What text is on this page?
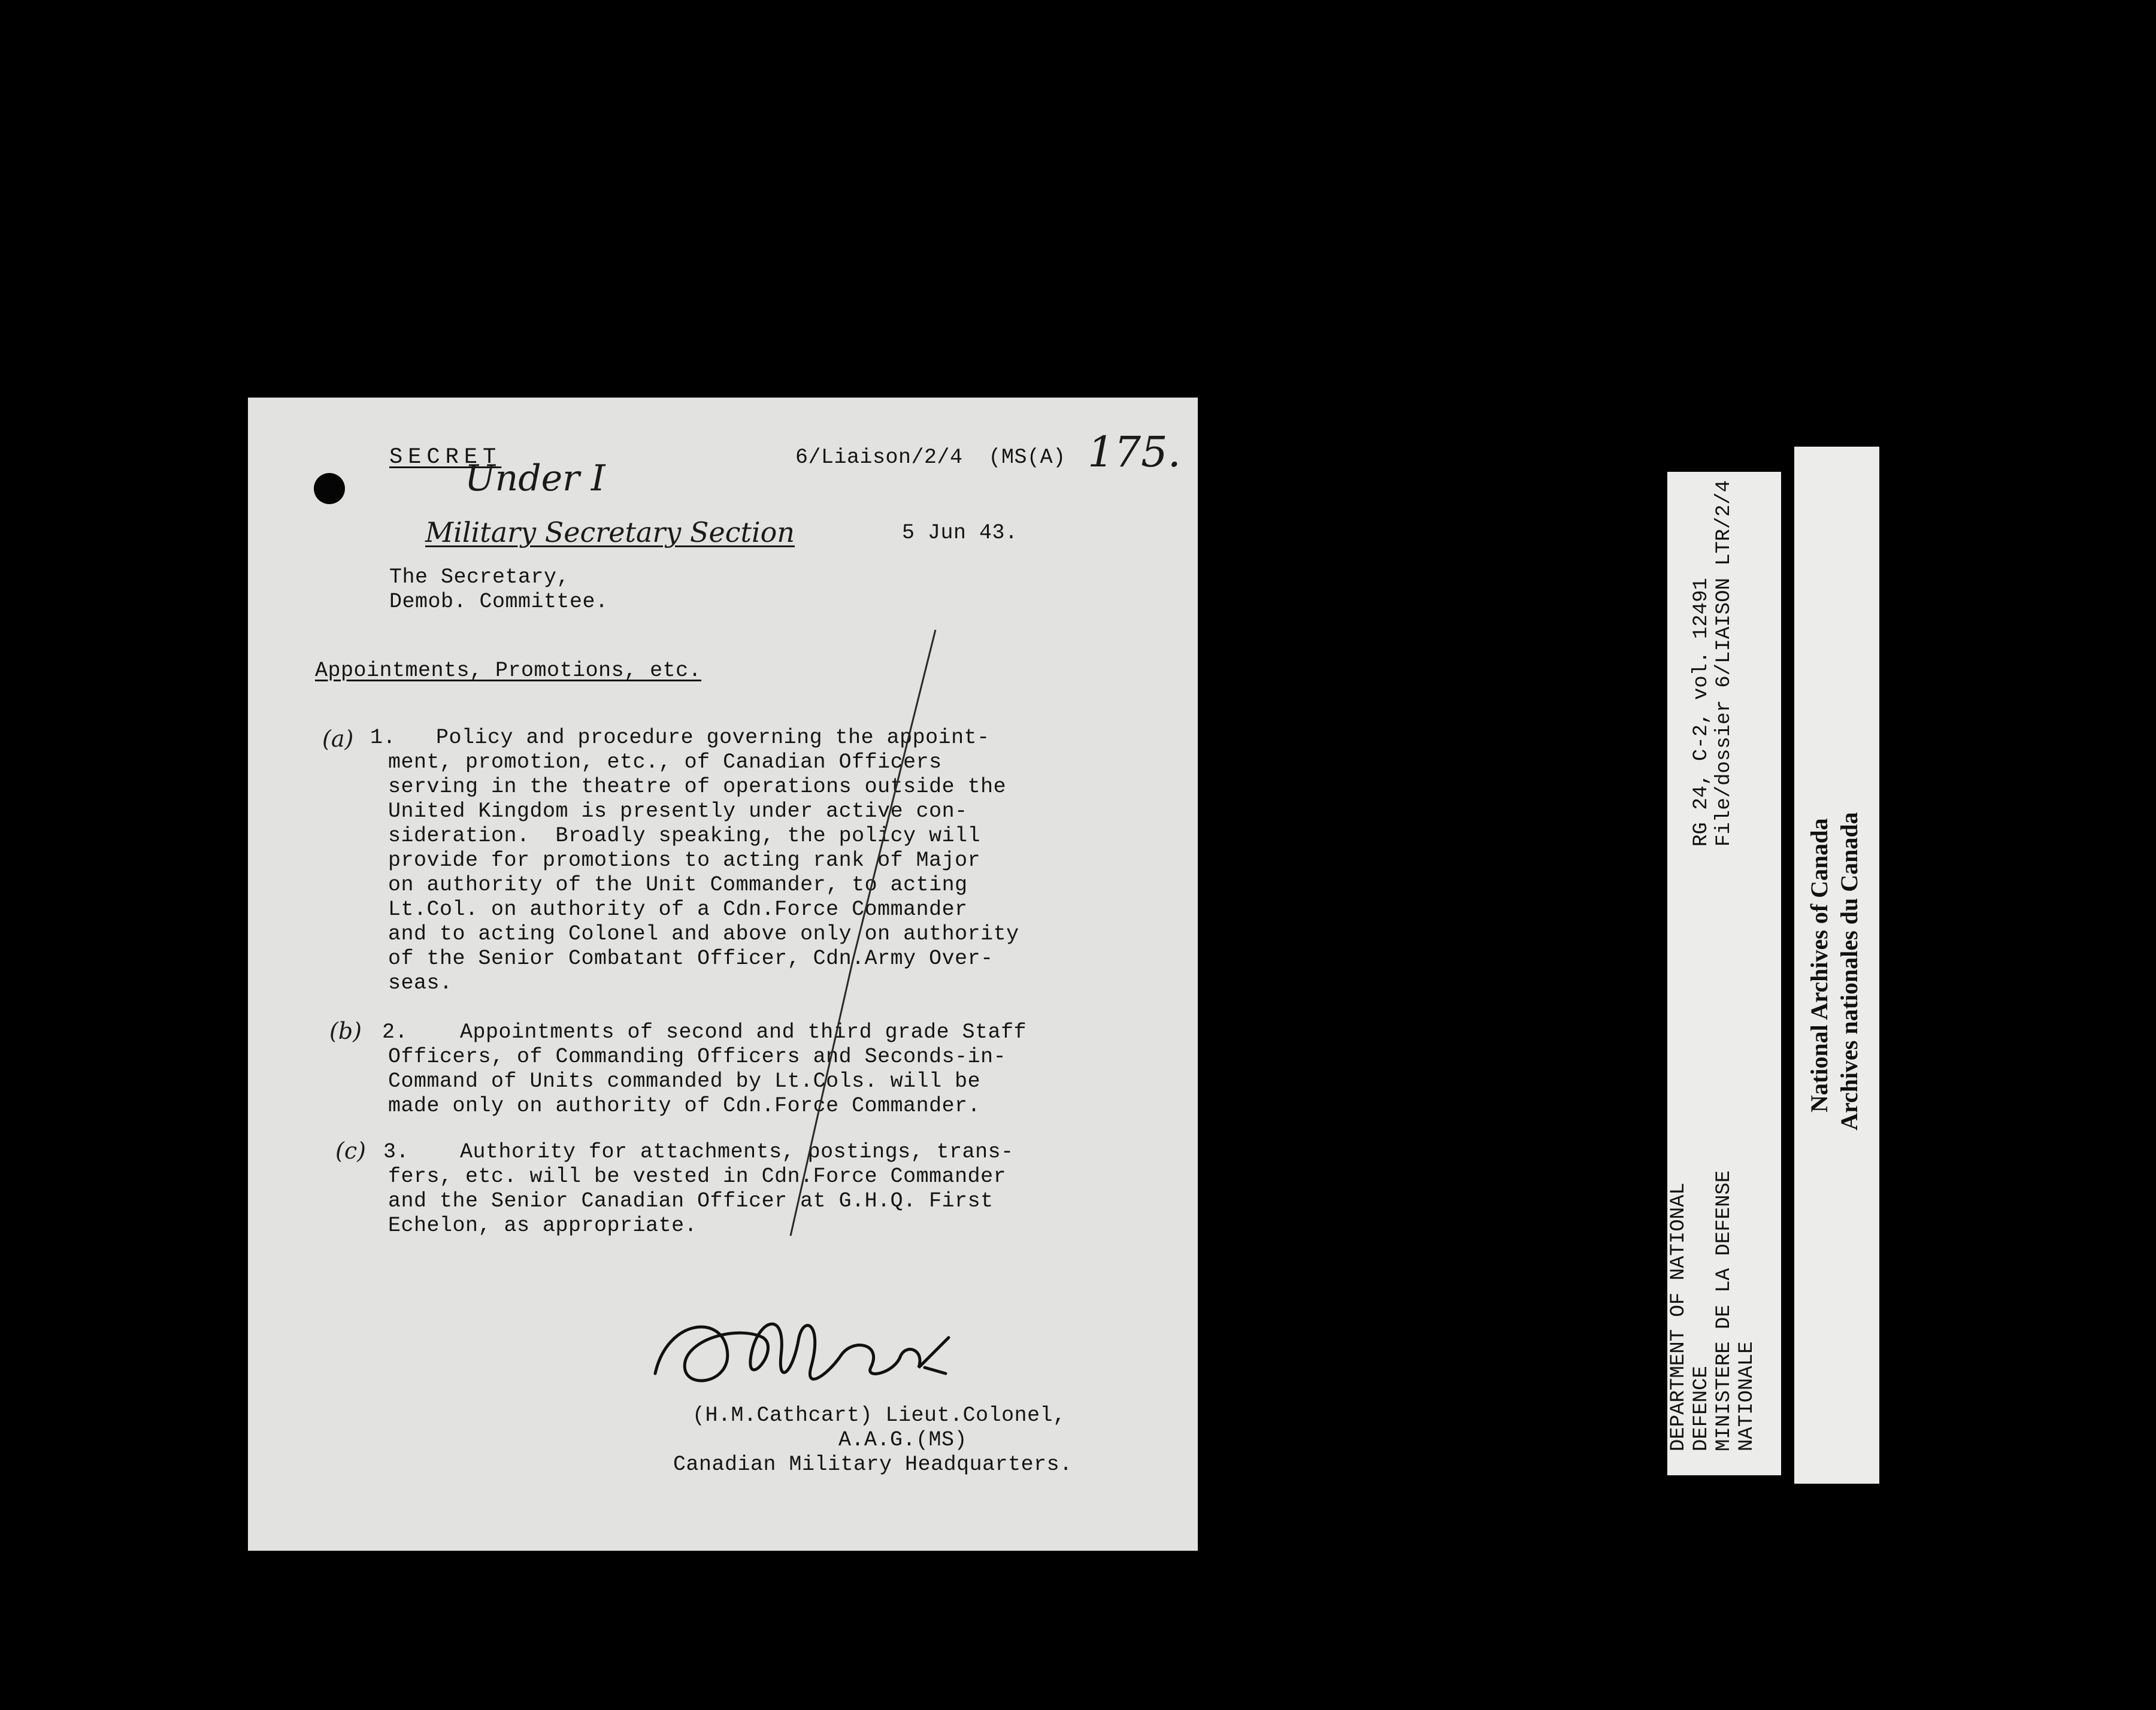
SECRET	6/Liaison/2/4  (MS(A) 175.
Under I
Military Secretary Section	5 Jun 43.
The Secretary,
Demob. Committee.
Appointments, Promotions, etc.
(a) 1. Policy and procedure governing the appoint-
ment, promotion, etc., of Canadian Officers
serving in the theatre of operations outside the
United Kingdom is presently under active con-
sideration.  Broadly speaking, the policy will
provide for promotions to acting rank of Major
on authority of the Unit Commander, to acting
Lt.Col. on authority of a Cdn.Force Commander
and to acting Colonel and above only on authority
of the Senior Combatant Officer, Cdn.Army Over-
seas.
(b) 2. Appointments of second and third grade Staff
Officers, of Commanding Officers and Seconds-in-
Command of Units commanded by Lt.Cols. will be
made only on authority of Cdn.Force Commander.
(c) 3. Authority for attachments, postings, trans-
fers, etc. will be vested in Cdn.Force Commander
and the Senior Canadian Officer at G.H.Q. First
Echelon, as appropriate.
(H.M.Cathcart) Lieut.Colonel,
A.A.G.(MS)
Canadian Military Headquarters.
DEPARTMENT OF NATIONAL DEFENCE MINISTERE DE LA DEFENSE NATIONALE
RG 24, C-2, vol. 12491 File/dossier 6/LIAISON LTR/2/4
National Archives of Canada Archives nationales du Canada
